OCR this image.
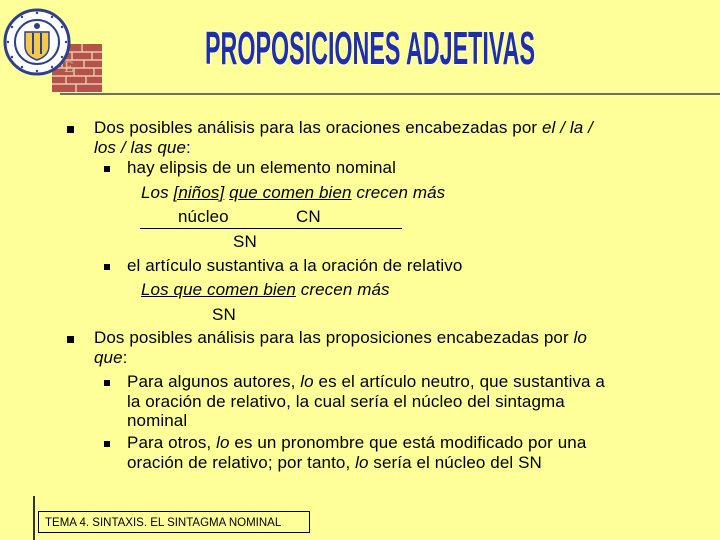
E	PROPOSICIONES ADJETIVAS
Dos posibles análisis para las oraciones encabezadas por el / la /
los / las que:
hay elipsis de un elemento nominal
Los [niños] que comen bien crecen más
núcleo	CN
SN
el artículo sustantiva a la oración de relativo
Los que comen bien crecen más
SN
Dos posibles análisis para las proposiciones encabezadas por lo
que:
Para algunos autores, lo es el artículo neutro, que sustantiva a
la oración de relativo, la cual sería el núcleo del sintagma
nominal
Para otros, lo es un pronombre que está modificado por una
oración de relativo; por tanto, lo sería el núcleo del SN
TEMA 4. SINTAXIS. EL SINTAGMA NOMINAL
